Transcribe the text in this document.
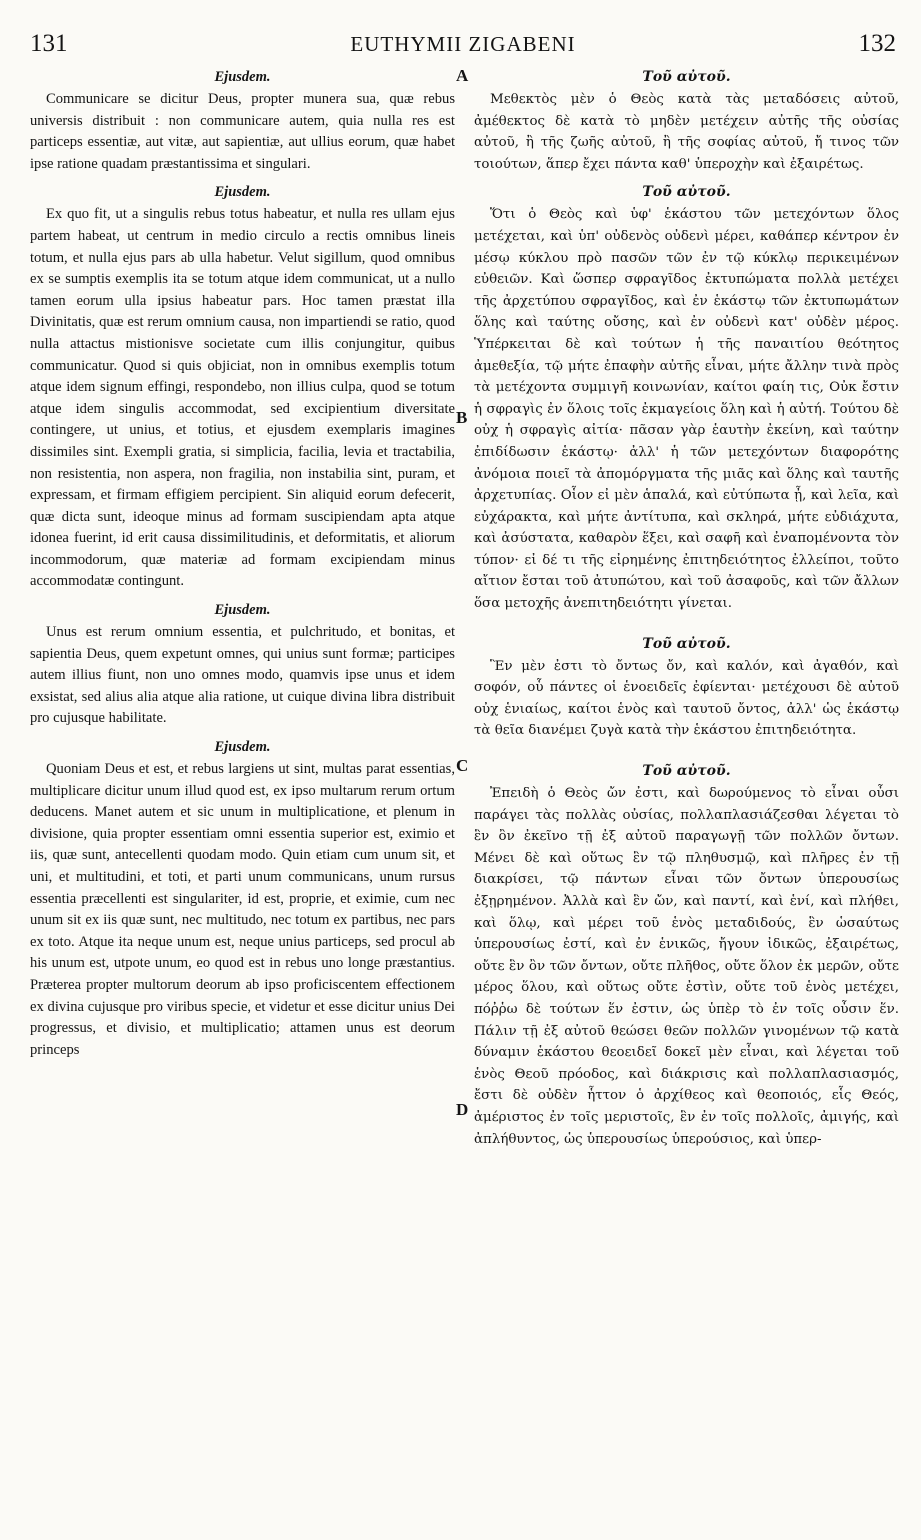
131	EUTHYMII ZIGABENI	132
A
B
C
D
Ejusdem.

Communicare se dicitur Deus, propter munera sua, quæ rebus universis distribuit : non communicare autem, quia nulla res est particeps essentiæ, aut vitæ, aut sapientiæ, aut ullius eorum, quæ habet ipse ratione quadam præstantissima et singulari.

Ejusdem.

Ex quo fit, ut a singulis rebus totus habeatur, et nulla res ullam ejus partem habeat, ut centrum in medio circulo a rectis omnibus lineis totum, et nulla ejus pars ab ulla habetur. Velut sigillum, quod omnibus ex se sumptis exemplis ita se totum atque idem communicat, ut a nullo tamen eorum ulla ipsius habeatur pars. Hoc tamen præstat illa Divinitatis, quæ est rerum omnium causa, non impartiendi se ratio, quod nulla attactus mistionisve societate cum illis conjungitur, quibus communicatur. Quod si quis objiciat, non in omnibus exemplis totum atque idem signum effingi, respondebo, non illius culpa, quod se totum atque idem singulis accommodat, sed excipientium diversitate contingere, ut unius, et totius, et ejusdem exemplaris imagines dissimiles sint. Exempli gratia, si simplicia, facilia, levia et tractabilia, non resistentia, non aspera, non fragilia, non instabilia sint, puram, et expressam, et firmam effigiem percipient. Sin aliquid eorum defecerit, quæ dicta sunt, ideoque minus ad formam suscipiendam apta atque idonea fuerint, id erit causa dissimilitudinis, et deformitatis, et aliorum incommodorum, quæ materiæ ad formam excipiendam minus accommodatæ contingunt.

Ejusdem.

Unus est rerum omnium essentia, et pulchritudo, et bonitas, et sapientia Deus, quem expetunt omnes, qui unius sunt formæ; participes autem illius fiunt, non uno omnes modo, quamvis ipse unus et idem exsistat, sed alius alia atque alia ratione, ut cuique divina libra distribuit pro cujusque habilitate.

Ejusdem.

Quoniam Deus et est, et rebus largiens ut sint, multas parat essentias, multiplicare dicitur unum illud quod est, ex ipso multarum rerum ortum deducens. Manet autem et sic unum in multiplicatione, et plenum in divisione, quia propter essentiam omni essentia superior est, eximio et iis, quæ sunt, antecellenti quodam modo. Quin etiam cum unum sit, et uni, et multitudini, et toti, et parti unum communicans, unum rursus essentia præcellenti est singulariter, id est, proprie, et eximie, cum nec unum sit ex iis quæ sunt, nec multitudo, nec totum ex partibus, nec pars ex toto. Atque ita neque unum est, neque unius particeps, sed procul ab his unum est, utpote unum, eo quod est in rebus uno longe præstantius. Præterea propter multorum deorum ab ipso proficiscentem effectionem ex divina cujusque pro viribus specie, et videtur et esse dicitur unius Dei progressus, et divisio, et multiplicatio; attamen unus est deorum princeps

Τοῦ αὐτοῦ.

Μεθεκτὸς μὲν ὁ Θεὸς κατὰ τὰς μεταδόσεις αὐτοῦ, ἀμέθεκτος δὲ κατὰ τὸ μηδὲν μετέχειν αὐτῆς τῆς οὐσίας αὐτοῦ, ἢ τῆς ζωῆς αὐτοῦ, ἢ τῆς σοφίας αὐτοῦ, ἤ τινος τῶν τοιούτων, ἅπερ ἔχει πάντα καθ' ὑπεροχὴν καὶ ἐξαιρέτως.

Τοῦ αὐτοῦ.

Ὅτι ὁ Θεὸς καὶ ὑφ' ἑκάστου τῶν μετεχόντων ὅλος μετέχεται, καὶ ὑπ' οὐδενὸς οὐδενὶ μέρει, καθάπερ κέντρον ἐν μέσῳ κύκλου πρὸ πασῶν τῶν ἐν τῷ κύκλῳ περικειμένων εὐθειῶν. Καὶ ὥσπερ σφραγῖδος ἐκτυπώματα πολλὰ μετέχει τῆς ἀρχετύπου σφραγῖδος, καὶ ἐν ἑκάστῳ τῶν ἐκτυπωμάτων ὅλης καὶ ταύτης οὔσης, καὶ ἐν οὐδενὶ κατ' οὐδὲν μέρος. Ὑπέρκειται δὲ καὶ τούτων ἡ τῆς παναιτίου θεότητος ἀμεθεξία, τῷ μήτε ἐπαφὴν αὐτῆς εἶναι, μήτε ἄλλην τινὰ πρὸς τὰ μετέχοντα συμμιγῆ κοινωνίαν, καίτοι φαίη τις, Οὐκ ἔστιν ἡ σφραγὶς ἐν ὅλοις τοῖς ἐκμαγείοις ὅλη καὶ ἡ αὐτή. Τούτου δὲ οὐχ ἡ σφραγὶς αἰτία· πᾶσαν γὰρ ἑαυτὴν ἐκείνη, καὶ ταύτην ἐπιδίδωσιν ἑκάστῳ· ἀλλ' ἡ τῶν μετεχόντων διαφορότης ἀνόμοια ποιεῖ τὰ ἀπομόργματα τῆς μιᾶς καὶ ὅλης καὶ ταυτῆς ἀρχετυπίας. Οἷον εἰ μὲν ἁπαλά, καὶ εὐτύπωτα ᾖ, καὶ λεῖα, καὶ εὐχάρακτα, καὶ μήτε ἀντίτυπα, καὶ σκληρά, μήτε εὐδιάχυτα, καὶ ἀσύστατα, καθαρὸν ἕξει, καὶ σαφῆ καὶ ἐναπομένοντα τὸν τύπον· εἰ δέ τι τῆς εἰρημένης ἐπιτηδειότητος ἐλλείποι, τοῦτο αἴτιον ἔσται τοῦ ἀτυπώτου, καὶ τοῦ ἀσαφοῦς, καὶ τῶν ἄλλων ὅσα μετοχῆς ἀνεπιτηδειότητι γίνεται.

Τοῦ αὐτοῦ.

Ἓν μὲν ἐστι τὸ ὄντως ὄν, καὶ καλόν, καὶ ἀγαθόν, καὶ σοφόν, οὗ πάντες οἱ ἑνοειδεῖς ἐφίενται· μετέχουσι δὲ αὐτοῦ οὐχ ἑνιαίως, καίτοι ἑνὸς καὶ ταυτοῦ ὄντος, ἀλλ' ὡς ἑκάστῳ τὰ θεῖα διανέμει ζυγὰ κατὰ τὴν ἑκάστου ἐπιτηδειότητα.

Τοῦ αὐτοῦ.

Ἐπειδὴ ὁ Θεὸς ὤν ἐστι, καὶ δωρούμενος τὸ εἶναι οὖσι παράγει τὰς πολλὰς οὐσίας, πολλαπλασιάζεσθαι λέγεται τὸ ἓν ὂν ἐκεῖνο τῇ ἐξ αὐτοῦ παραγωγῇ τῶν πολλῶν ὄντων. Μένει δὲ καὶ οὕτως ἓν τῷ πληθυσμῷ, καὶ πλῆρες ἐν τῇ διακρίσει, τῷ πάντων εἶναι τῶν ὄντων ὑπερουσίως ἐξῃρημένον. Ἀλλὰ καὶ ἓν ὤν, καὶ παντί, καὶ ἑνί, καὶ πλήθει, καὶ ὅλῳ, καὶ μέρει τοῦ ἑνὸς μεταδιδούς, ἓν ὡσαύτως ὑπερουσίως ἐστί, καὶ ἐν ἑνικῶς, ἤγουν ἰδικῶς, ἐξαιρέτως, οὔτε ἓν ὂν τῶν ὄντων, οὔτε πλῆθος, οὔτε ὅλον ἐκ μερῶν, οὔτε μέρος ὅλου, καὶ οὕτως οὔτε ἐστὶν, οὔτε τοῦ ἑνὸς μετέχει, πόῤῥω δὲ τούτων ἕν ἐστιν, ὡς ὑπὲρ τὸ ἐν τοῖς οὖσιν ἕν. Πάλιν τῇ ἐξ αὐτοῦ θεώσει θεῶν πολλῶν γινομένων τῷ κατὰ δύναμιν ἑκάστου θεοειδεῖ δοκεῖ μὲν εἶναι, καὶ λέγεται τοῦ ἑνὸς Θεοῦ πρόοδος, καὶ διάκρισις καὶ πολλαπλασιασμός, ἔστι δὲ οὐδὲν ἧττον ὁ ἀρχίθεος καὶ θεοποιός, εἷς Θεός, ἀμέριστος ἐν τοῖς μεριστοῖς, ἓν ἐν τοῖς πολλοῖς, ἀμιγής, καὶ ἀπλήθυντος, ὡς ὑπερουσίως ὑπερούσιος, καὶ ὑπερ-
